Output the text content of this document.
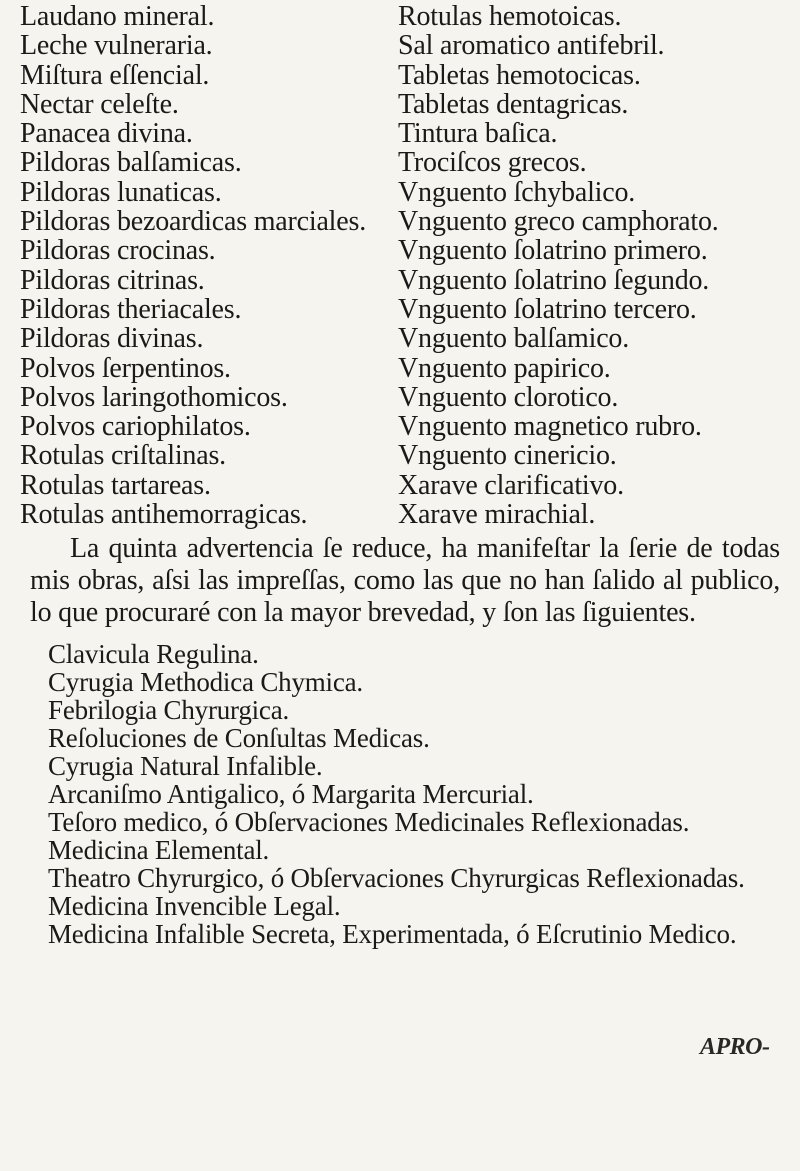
Laudano mineral.
Leche vulneraria.
Miſtura eſſencial.
Nectar celeſte.
Panacea divina.
Pildoras balſamicas.
Pildoras lunaticas.
Pildoras bezoardicas marciales.
Pildoras crocinas.
Pildoras citrinas.
Pildoras theriacales.
Pildoras divinas.
Polvos ſerpentinos.
Polvos laringothomicos.
Polvos cariophilatos.
Rotulas criſtalinas.
Rotulas tartareas.
Rotulas antihemorragicas.
Rotulas hemotoicas.
Sal aromatico antifebril.
Tabletas hemotocicas.
Tabletas dentagricas.
Tintura baſica.
Trociſcos grecos.
Vnguento ſchybalico.
Vnguento greco camphorato.
Vnguento ſolatrino primero.
Vnguento ſolatrino ſegundo.
Vnguento ſolatrino tercero.
Vnguento balſamico.
Vnguento papirico.
Vnguento clorotico.
Vnguento magnetico rubro.
Vnguento cinericio.
Xarave clarificativo.
Xarave mirachial.

La quinta advertencia ſe reduce, ha manifeſtar la ſerie de todas mis obras, aſsi las impreſſas, como las que no han ſalido al publico, lo que procuraré con la mayor brevedad, y ſon las ſiguientes.

Clavicula Regulina.
Cyrugia Methodica Chymica.
Febrilogia Chyrurgica.
Reſoluciones de Conſultas Medicas.
Cyrugia Natural Infalible.
Arcaniſmo Antigalico, ó Margarita Mercurial.
Teſoro medico, ó Obſervaciones Medicinales Reflexionadas.
Medicina Elemental.
Theatro Chyrurgico, ó Obſervaciones Chyrurgicas Reflexionadas.
Medicina Invencible Legal.
Medicina Infalible Secreta, Experimentada, ó Eſcrutinio Medico.
APRO-
